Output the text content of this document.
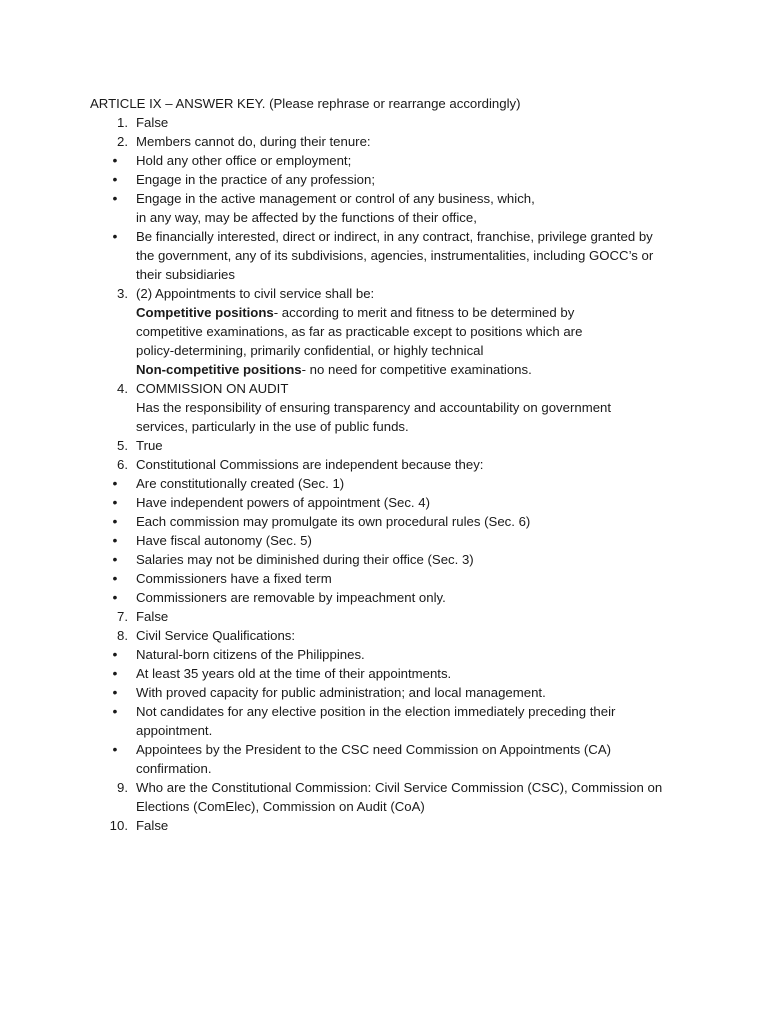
ARTICLE IX – ANSWER KEY. (Please rephrase or rearrange accordingly)
1. False
2. Members cannot do, during their tenure:
•	Hold any other office or employment;
•	Engage in the practice of any profession;
•	Engage in the active management or control of any business, which,
in any way, may be affected by the functions of their office,
•	Be financially interested, direct or indirect, in any contract, franchise, privilege granted by
the government, any of its subdivisions, agencies, instrumentalities, including GOCC’s or
their subsidiaries
3. (2) Appointments to civil service shall be:
Competitive positions- according to merit and fitness to be determined by
competitive examinations, as far as practicable except to positions which are
policy-determining, primarily confidential, or highly technical
Non-competitive positions- no need for competitive examinations.
4. COMMISSION ON AUDIT
Has the responsibility of ensuring transparency and accountability on government
services, particularly in the use of public funds.
5. True
6. Constitutional Commissions are independent because they:
•	Are constitutionally created (Sec. 1)
•	Have independent powers of appointment (Sec. 4)
•	Each commission may promulgate its own procedural rules (Sec. 6)
•	Have fiscal autonomy (Sec. 5)
•	Salaries may not be diminished during their office (Sec. 3)
•	Commissioners have a fixed term
•	Commissioners are removable by impeachment only.
7. False
8. Civil Service Qualifications:
•	Natural-born citizens of the Philippines.
•	At least 35 years old at the time of their appointments.
•	With proved capacity for public administration; and local management.
•	Not candidates for any elective position in the election immediately preceding their
appointment.
•	Appointees by the President to the CSC need Commission on Appointments (CA)
confirmation.
9. Who are the Constitutional Commission: Civil Service Commission (CSC), Commission on
Elections (ComElec), Commission on Audit (CoA)
10. False
